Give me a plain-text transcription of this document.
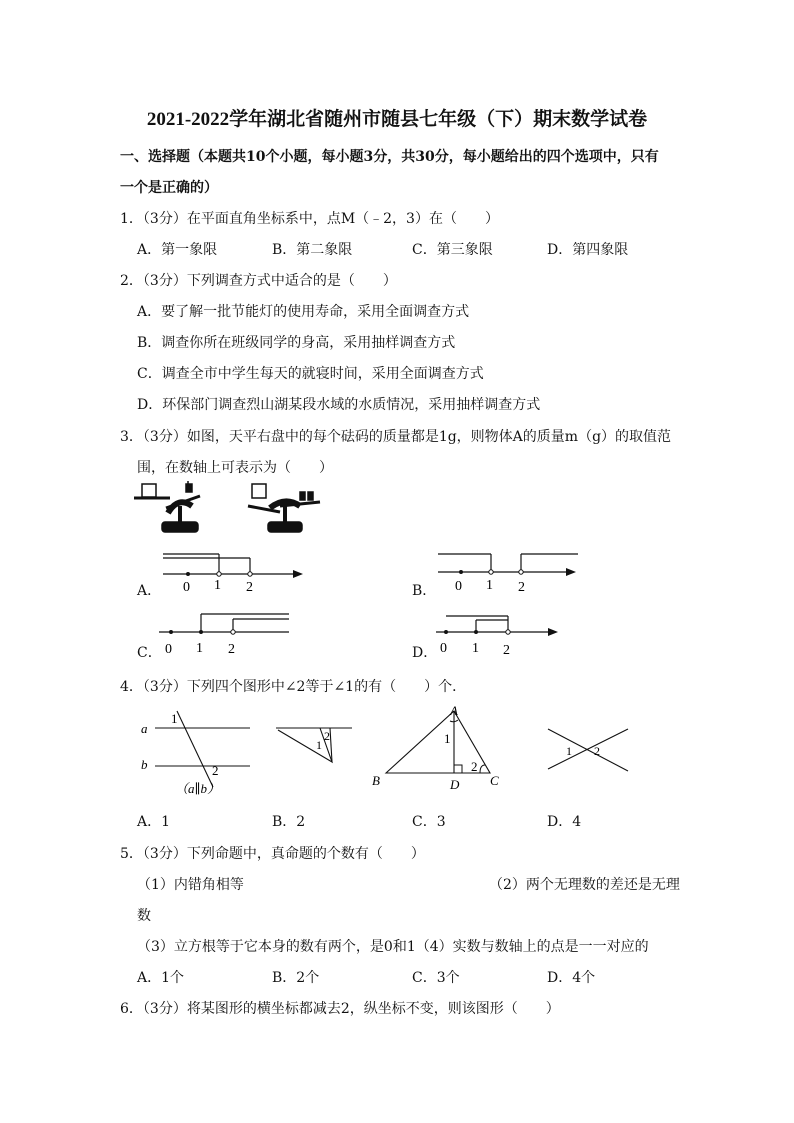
2021-2022学年湖北省随州市随县七年级（下）期末数学试卷
一、选择题（本题共10个小题，每小题3分，共30分，每小题给出的四个选项中，只有
一个是正确的）
1．（3分）在平面直角坐标系中，点M（﹣2，3）在（　　）
A．第一象限	B．第二象限	C．第三象限	D．第四象限
2．（3分）下列调查方式中适合的是（　　）
A．要了解一批节能灯的使用寿命，采用全面调查方式
B．调查你所在班级同学的身高，采用抽样调查方式
C．调查全市中学生每天的就寝时间，采用全面调查方式
D．环保部门调查烈山湖某段水域的水质情况，采用抽样调查方式
3．（3分）如图，天平右盘中的每个砝码的质量都是1g，则物体A的质量m（g）的取值范
围，在数轴上可表示为（　　）
A． 0 1 2	B． 0 1 2
C． 0 1 2	D． 0 1 2
4．（3分）下列四个图形中∠2等于∠1的有（　　）个．
a
b
1
2
（a∥b）
2
1
A
B	C
D
1
2
1 2
A．1	B．2	C．3	D．4
5．（3分）下列命题中，真命题的个数有（　　）
（1）内错角相等	（2）两个无理数的差还是无理
数
（3）立方根等于它本身的数有两个，是0和1（4）实数与数轴上的点是一一对应的
A．1个	B．2个	C．3个	D．4个
6．（3分）将某图形的横坐标都减去2，纵坐标不变，则该图形（　　）
